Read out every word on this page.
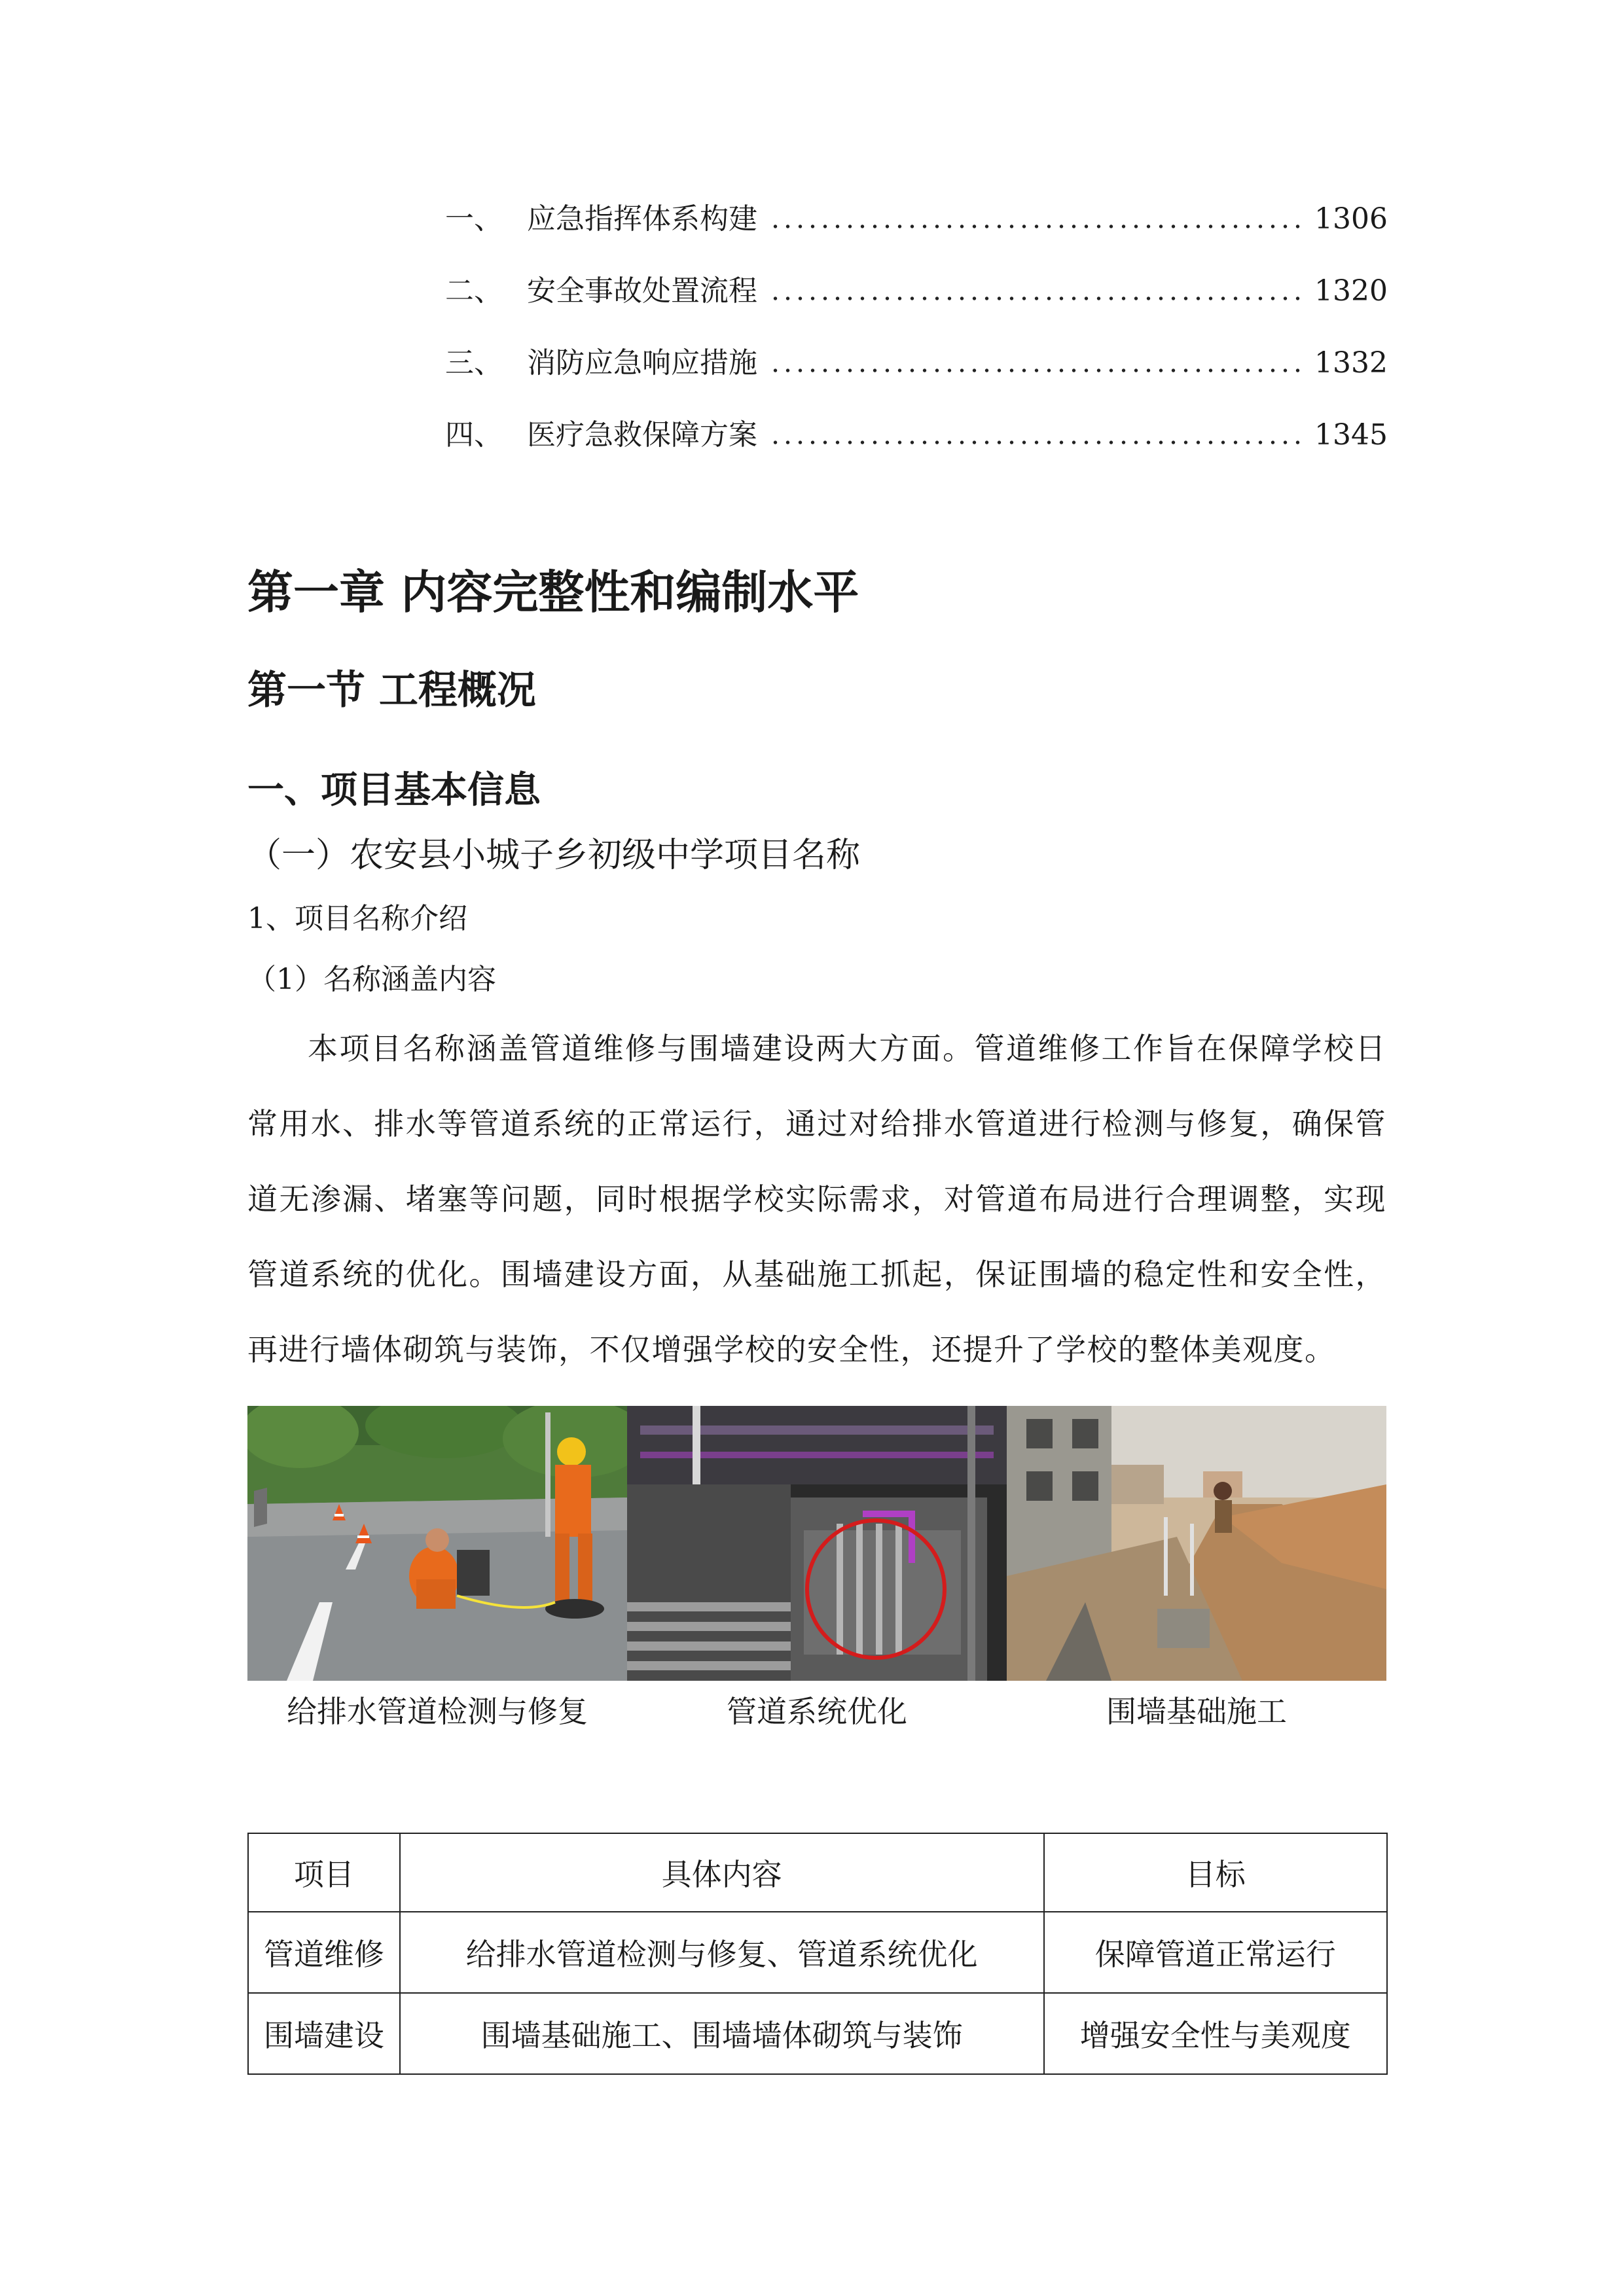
一、 应急指挥体系构建	1306
二、 安全事故处置流程	1320
三、 消防应急响应措施	1332
四、 医疗急救保障方案	1345
第一章 内容完整性和编制水平
第一节 工程概况
一、项目基本信息
（一）农安县小城子乡初级中学项目名称
1、项目名称介绍
（1）名称涵盖内容

本项目名称涵盖管道维修与围墙建设两大方面。管道维修工作旨在保障学校日常用水、排水等管道系统的正常运行，通过对给排水管道进行检测与修复，确保管道无渗漏、堵塞等问题，同时根据学校实际需求，对管道布局进行合理调整，实现管道系统的优化。围墙建设方面，从基础施工抓起，保证围墙的稳定性和安全性，再进行墙体砌筑与装饰，不仅增强学校的安全性，还提升了学校的整体美观度。

给排水管道检测与修复	管道系统优化	围墙基础施工
项目	具体内容	目标
管道维修	给排水管道检测与修复、管道系统优化	保障管道正常运行
围墙建设	围墙基础施工、围墙墙体砌筑与装饰	增强安全性与美观度
